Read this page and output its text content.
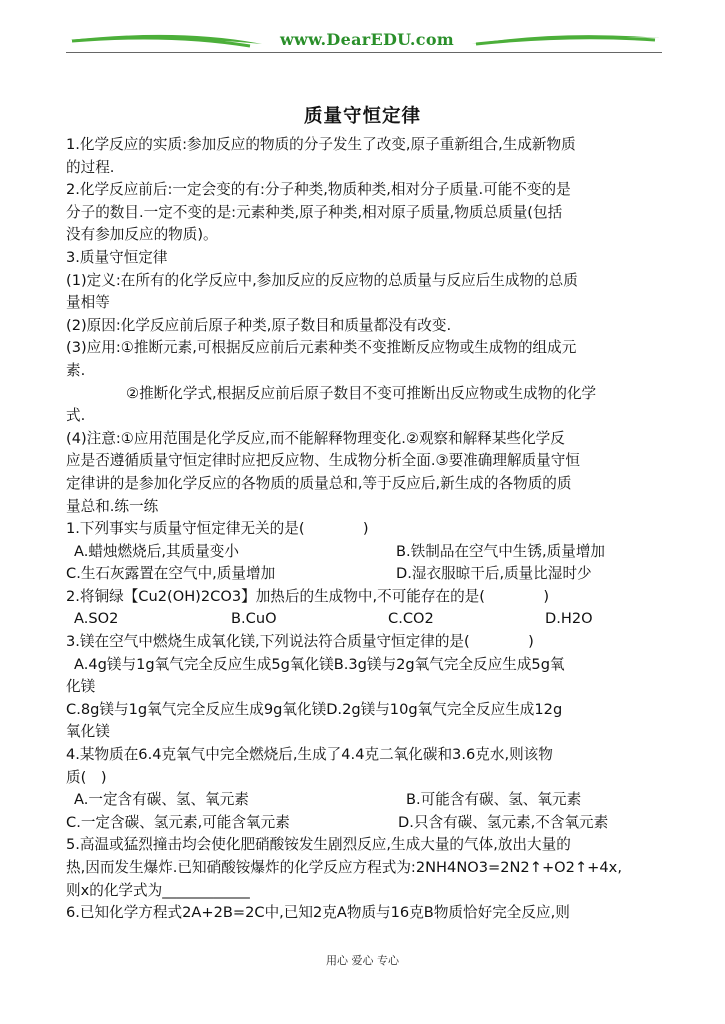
www.DearEDU.com
质量守恒定律

1.化学反应的实质:参加反应的物质的分子发生了改变,原子重新组合,生成新物质

的过程.

2.化学反应前后:一定会变的有:分子种类,物质种类,相对分子质量.可能不变的是

分子的数目.一定不变的是:元素种类,原子种类,相对原子质量,物质总质量(包括

没有参加反应的物质)。

3.质量守恒定律

(1)定义:在所有的化学反应中,参加反应的反应物的总质量与反应后生成物的总质

量相等

(2)原因:化学反应前后原子种类,原子数目和质量都没有改变.

(3)应用:①推断元素,可根据反应前后元素种类不变推断反应物或生成物的组成元

素.

②推断化学式,根据反应前后原子数目不变可推断出反应物或生成物的化学

式.

(4)注意:①应用范围是化学反应,而不能解释物理变化.②观察和解释某些化学反

应是否遵循质量守恒定律时应把反应物、生成物分析全面.③要准确理解质量守恒

定律讲的是参加化学反应的各物质的质量总和,等于反应后,新生成的各物质的质

量总和.练一练

1.下列事实与质量守恒定律无关的是(　　　　)

A.蜡烛燃烧后,其质量变小	B.铁制品在空气中生锈,质量增加
C.生石灰露置在空气中,质量增加	D.湿衣服晾干后,质量比湿时少

2.将铜绿【Cu2(OH)2CO3】加热后的生成物中,不可能存在的是(　　　　)

A.SO2	B.CuO	C.CO2	D.H2O

3.镁在空气中燃烧生成氧化镁,下列说法符合质量守恒定律的是(　　　　)

A.4g镁与1g氧气完全反应生成5g氧化镁B.3g镁与2g氧气完全反应生成5g氧

化镁

C.8g镁与1g氧气完全反应生成9g氧化镁D.2g镁与10g氧气完全反应生成12g

氧化镁

4.某物质在6.4克氧气中完全燃烧后,生成了4.4克二氧化碳和3.6克水,则该物

质(　)

A.一定含有碳、氢、氧元素	B.可能含有碳、氢、氧元素
C.一定含碳、氢元素,可能含氧元素	D.只含有碳、氢元素,不含氧元素

5.高温或猛烈撞击均会使化肥硝酸铵发生剧烈反应,生成大量的气体,放出大量的

热,因而发生爆炸.已知硝酸铵爆炸的化学反应方程式为:2NH4NO3=2N2↑+O2↑+4x,

则x的化学式为____________

6.已知化学方程式2A+2B=2C中,已知2克A物质与16克B物质恰好完全反应,则

用心 爱心 专心
